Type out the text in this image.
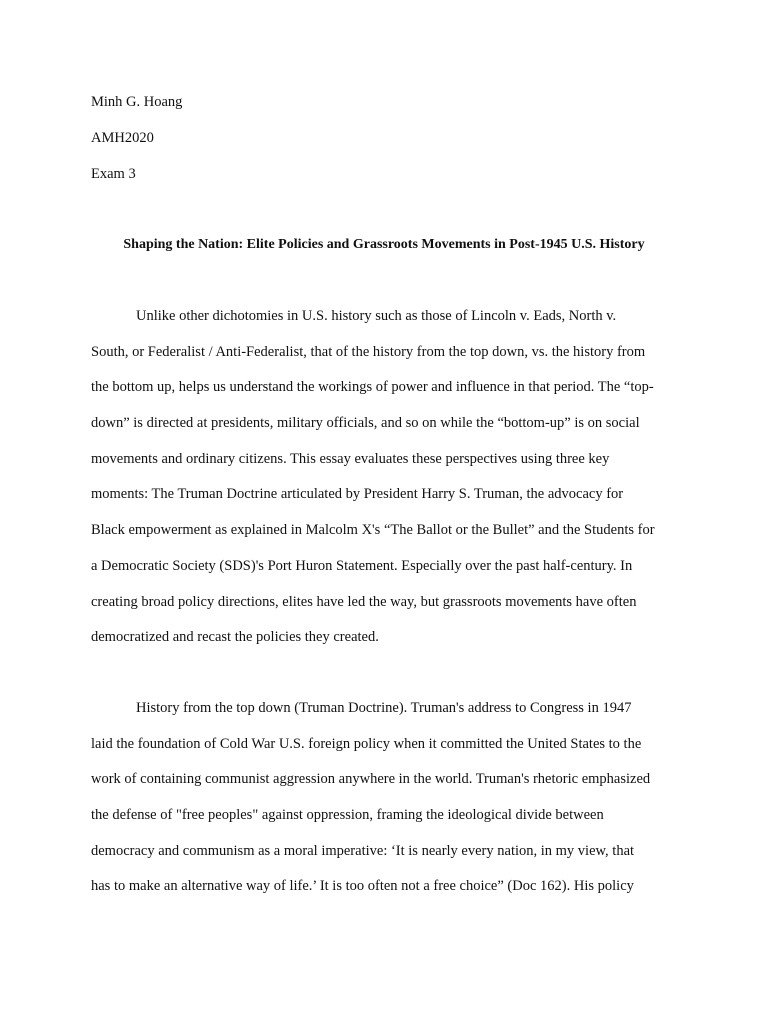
Minh G. Hoang
AMH2020
Exam 3
Shaping the Nation: Elite Policies and Grassroots Movements in Post-1945 U.S. History
Unlike other dichotomies in U.S. history such as those of Lincoln v. Eads, North v.
South, or Federalist / Anti-Federalist, that of the history from the top down, vs. the history from
the bottom up, helps us understand the workings of power and influence in that period. The “top-
down” is directed at presidents, military officials, and so on while the “bottom-up” is on social
movements and ordinary citizens. This essay evaluates these perspectives using three key
moments: The Truman Doctrine articulated by President Harry S. Truman, the advocacy for
Black empowerment as explained in Malcolm X's “The Ballot or the Bullet” and the Students for
a Democratic Society (SDS)'s Port Huron Statement. Especially over the past half-century. In
creating broad policy directions, elites have led the way, but grassroots movements have often
democratized and recast the policies they created.
History from the top down (Truman Doctrine). Truman's address to Congress in 1947
laid the foundation of Cold War U.S. foreign policy when it committed the United States to the
work of containing communist aggression anywhere in the world. Truman's rhetoric emphasized
the defense of "free peoples" against oppression, framing the ideological divide between
democracy and communism as a moral imperative: ‘It is nearly every nation, in my view, that
has to make an alternative way of life.’ It is too often not a free choice” (Doc 162). His policy
